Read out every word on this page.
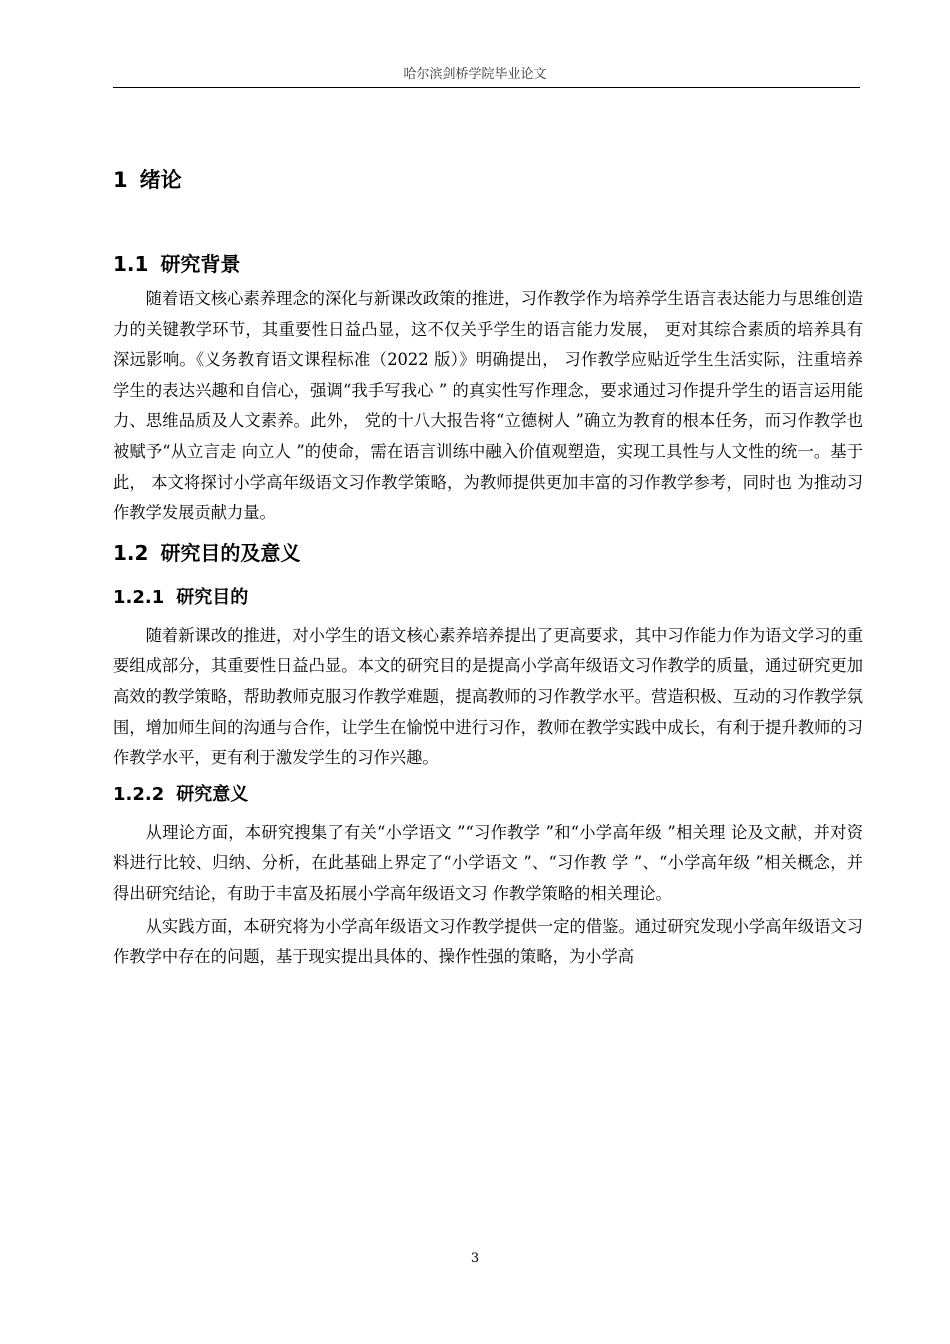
哈尔滨剑桥学院毕业论文
1 绪论
1.1 研究背景

随着语文核心素养理念的深化与新课改政策的推进，习作教学作为培养学生语言表达能力与思维创造力的关键教学环节，其重要性日益凸显，这不仅关乎学生的语言能力发展， 更对其综合素质的培养具有深远影响。《义务教育语文课程标准（2022 版）》明确提出， 习作教学应贴近学生生活实际，注重培养学生的表达兴趣和自信心，强调“我手写我心 ” 的真实性写作理念，要求通过习作提升学生的语言运用能力、思维品质及人文素养。此外， 党的十八大报告将“立德树人 ”确立为教育的根本任务，而习作教学也被赋予“从立言走 向立人 ”的使命，需在语言训练中融入价值观塑造，实现工具性与人文性的统一。基于此， 本文将探讨小学高年级语文习作教学策略，为教师提供更加丰富的习作教学参考，同时也 为推动习作教学发展贡献力量。

1.2 研究目的及意义
1.2.1 研究目的

随着新课改的推进，对小学生的语文核心素养培养提出了更高要求，其中习作能力作为语文学习的重要组成部分，其重要性日益凸显。本文的研究目的是提高小学高年级语文习作教学的质量，通过研究更加高效的教学策略，帮助教师克服习作教学难题，提高教师的习作教学水平。营造积极、互动的习作教学氛围，增加师生间的沟通与合作，让学生在愉悦中进行习作，教师在教学实践中成长，有利于提升教师的习作教学水平，更有利于激发学生的习作兴趣。

1.2.2 研究意义

从理论方面，本研究搜集了有关“小学语文 ”“习作教学 ”和“小学高年级 ”相关理 论及文献，并对资料进行比较、归纳、分析，在此基础上界定了“小学语文 ”、“习作教 学 ”、“小学高年级 ”相关概念，并得出研究结论，有助于丰富及拓展小学高年级语文习 作教学策略的相关理论。

从实践方面，本研究将为小学高年级语文习作教学提供一定的借鉴。通过研究发现小学高年级语文习作教学中存在的问题，基于现实提出具体的、操作性强的策略，为小学高

3
